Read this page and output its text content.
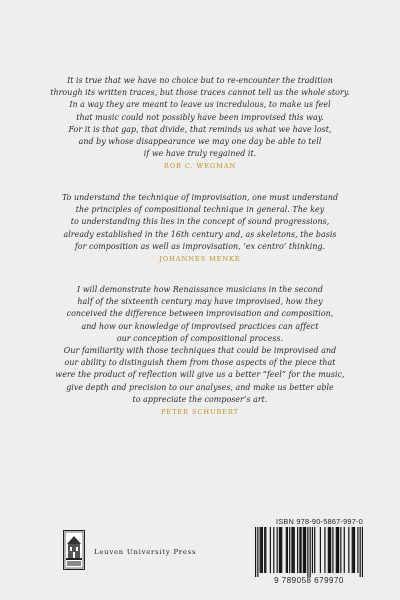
It is true that we have no choice but to re-encounter the tradition
through its written traces, but those traces cannot tell us the whole story.
In a way they are meant to leave us incredulous, to make us feel
that music could not possibly have been improvised this way.
For it is that gap, that divide, that reminds us what we have lost,
and by whose disappearance we may one day be able to tell
if we have truly regained it.
ROB C. WEGMAN
To understand the technique of improvisation, one must understand
the principles of compositional technique in general. The key
to understanding this lies in the concept of sound progressions,
already established in the 16th century and, as skeletons, the basis
for composition as well as improvisation, ‘ex centro’ thinking.
JOHANNES MENKE
I will demonstrate how Renaissance musicians in the second
half of the sixteenth century may have improvised, how they
conceived the difference between improvisation and composition,
and how our knowledge of improvised practices can affect
our conception of compositional process.
Our familiarity with those techniques that could be improvised and
our ability to distinguish them from those aspects of the piece that
were the product of reflection will give us a better “feel” for the music,
give depth and precision to our analyses, and make us better able
to appreciate the composer’s art.
PETER SCHUBERT
Leuven University Press
ISBN 978-90-5867-997-0
9 789058 679970
